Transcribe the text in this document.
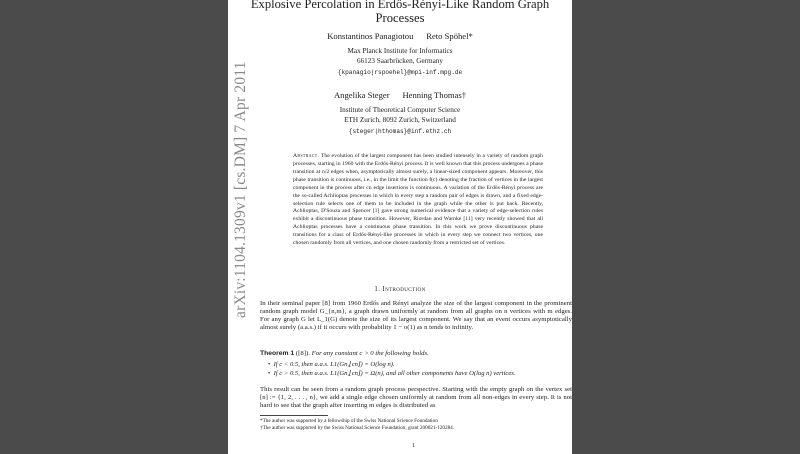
arXiv:1104.1309v1 [cs.DM] 7 Apr 2011
Explosive Percolation in Erdős-Rényi-Like Random Graph
Processes
Konstantinos Panagiotou      Reto Spöhel*
Max Planck Institute for Informatics
66123 Saarbrücken, Germany
{kpanagio|rspoehel}@mpi-inf.mpg.de
Angelika Steger      Henning Thomas†
Institute of Theoretical Computer Science
ETH Zurich, 8092 Zurich, Switzerland
{steger|hthomas}@inf.ethz.ch
Abstract. The evolution of the largest component has been studied intensely in a variety of random graph processes, starting in 1960 with the Erdős-Rényi process. It is well known that this process undergoes a phase transition at n/2 edges when, asymptotically almost surely, a linear-sized component appears. Moreover, this phase transition is continuous, i.e., in the limit the function f(c) denoting the fraction of vertices in the largest component in the process after cn edge insertions is continuous. A variation of the Erdős-Rényi process are the so-called Achlioptas processes in which in every step a random pair of edges is drawn, and a fixed edge-selection rule selects one of them to be included in the graph while the other is put back. Recently, Achlioptas, D'Souza and Spencer [1] gave strong numerical evidence that a variety of edge-selection rules exhibit a discontinuous phase transition. However, Riordan and Warnke [11] very recently showed that all Achlioptas processes have a continuous phase transition. In this work we prove discontinuous phase transitions for a class of Erdős-Rényi-like processes in which in every step we connect two vertices, one chosen randomly from all vertices, and one chosen randomly from a restricted set of vertices.
1. Introduction
In their seminal paper [8] from 1960 Erdős and Rényi analyze the size of the largest component in the prominent random graph model G_{n,m}, a graph drawn uniformly at random from all graphs on n vertices with m edges. For any graph G let L_1(G) denote the size of its largest component. We say that an event occurs asymptotically almost surely (a.a.s.) if it occurs with probability 1 − o(1) as n tends to infinity.
Theorem 1 ([8]). For any constant c > 0 the following holds.
•  If c < 0.5, then a.a.s. L1(Gn,⌊cn⌋) = O(log n).
•  If c > 0.5, then a.a.s. L1(Gn,⌊cn⌋) = Ω(n), and all other components have O(log n) vertices.
This result can be seen from a random graph process perspective. Starting with the empty graph on the vertex set [n] := {1, 2, . . . , n}, we add a single edge chosen uniformly at random from all non-edges in every step. It is not hard to see that the graph after inserting m edges is distributed as
*The author was supported by a fellowship of the Swiss National Science Foundation
†The author was supported by the Swiss National Science Foundation, grant 200021-120284.
1
